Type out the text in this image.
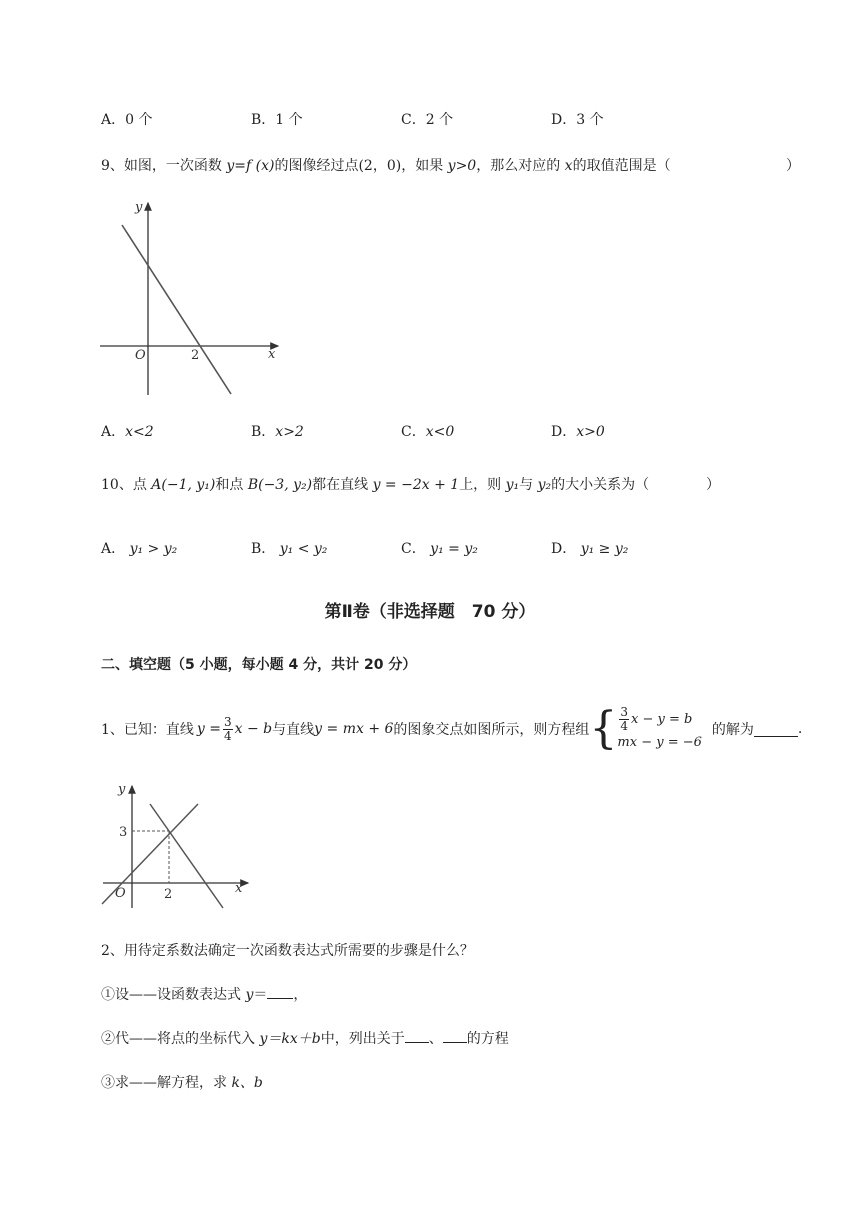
A．0 个	B．1 个	C．2 个	D．3 个
9、如图，一次函数 y=f (x)的图像经过点(2，0)，如果 y>0，那么对应的 x的取值范围是（	）
y
x
O	2
A．x<2	B．x>2	C．x<0	D．x>0
10、点 A(−1, y₁)和点 B(−3, y₂)都在直线 y = −2x + 1上，则 y₁与 y₂的大小关系为（	）
A． y₁ > y₂	B． y₁ < y₂	C． y₁ = y₂	D． y₁ ≥ y₂
第Ⅱ卷（非选择题　70 分）
二、填空题（5 小题，每小题 4 分，共计 20 分）
1、 已知：直线 $y = \frac{3}{4}$ x − b 与直线 y = mx + 6 的图象交点如图所示，则方程组 { $\frac{3}{4}$ x − y = b
mx − y = −6
的解为	.
y
x
O	2
3
2、用待定系数法确定一次函数表达式所需要的步骤是什么？
①设——设函数表达式 y＝ ，
②代——将点的坐标代入 y＝kx＋b中，列出关于 、 的方程
③求——解方程，求 k、b
